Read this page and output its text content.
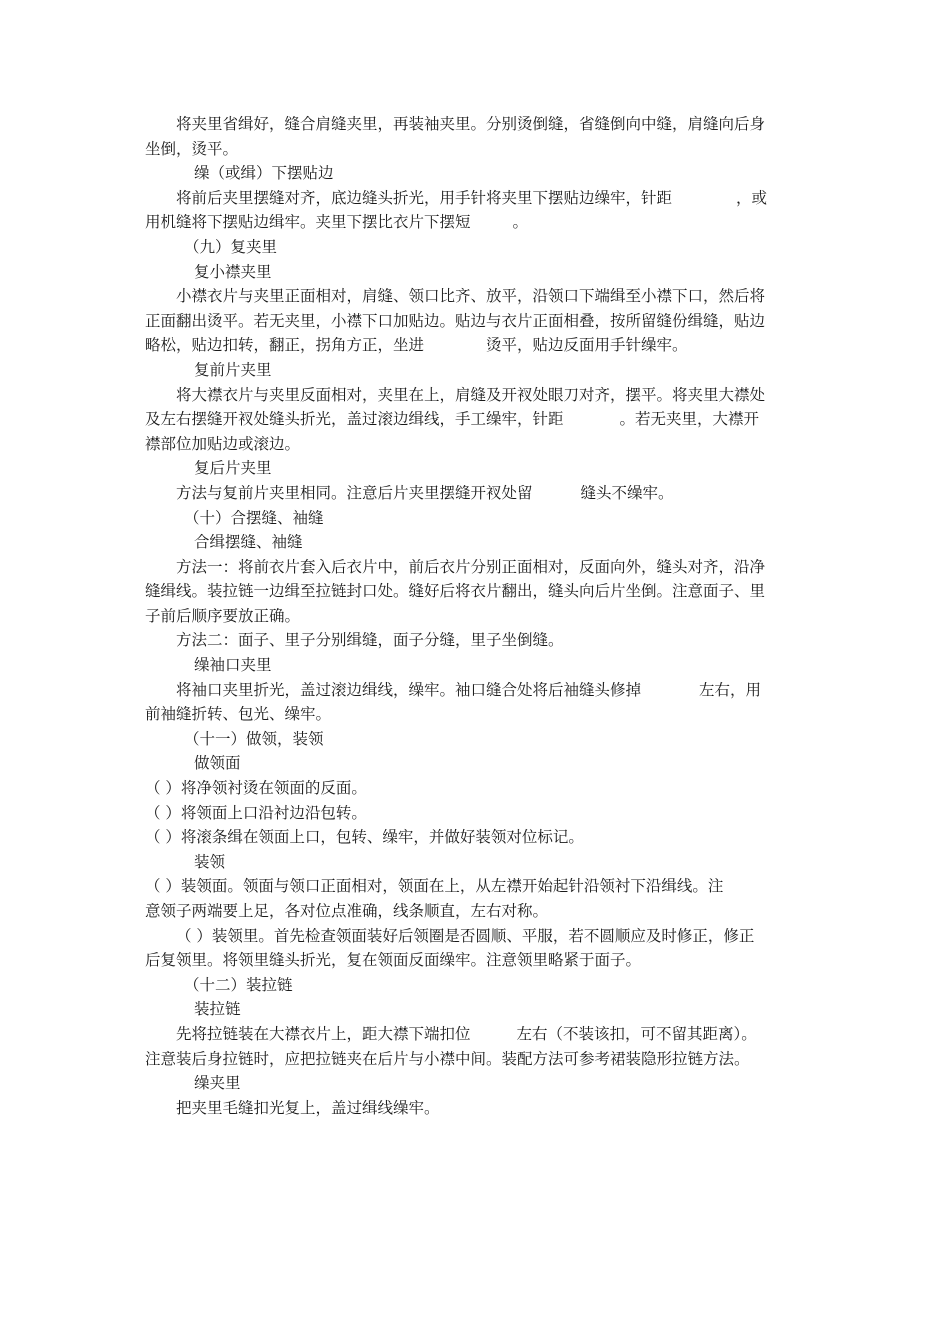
将夹里省缉好，缝合肩缝夹里，再装袖夹里。分别烫倒缝，省缝倒向中缝，肩缝向后身
坐倒，烫平。

缲（或缉）下摆贴边

将前后夹里摆缝对齐，底边缝头折光，用手针将夹里下摆贴边缲牢，针距	，或
用机缝将下摆贴边缉牢。夹里下摆比衣片下摆短	。

（九）复夹里

复小襟夹里

小襟衣片与夹里正面相对，肩缝、领口比齐、放平，沿领口下端缉至小襟下口，然后将
正面翻出烫平。若无夹里，小襟下口加贴边。贴边与衣片正面相叠，按所留缝份缉缝，贴边
略松，贴边扣转，翻正，拐角方正，坐进	烫平，贴边反面用手针缲牢。

复前片夹里

将大襟衣片与夹里反面相对，夹里在上，肩缝及开衩处眼刀对齐，摆平。将夹里大襟处
及左右摆缝开衩处缝头折光，盖过滚边缉线，手工缲牢，针距	。若无夹里，大襟开
襟部位加贴边或滚边。

复后片夹里

方法与复前片夹里相同。注意后片夹里摆缝开衩处留	缝头不缲牢。

（十）合摆缝、袖缝

合缉摆缝、袖缝

方法一：将前衣片套入后衣片中，前后衣片分别正面相对，反面向外，缝头对齐，沿净
缝缉线。装拉链一边缉至拉链封口处。缝好后将衣片翻出，缝头向后片坐倒。注意面子、里
子前后顺序要放正确。

方法二：面子、里子分别缉缝，面子分缝，里子坐倒缝。

缲袖口夹里

将袖口夹里折光，盖过滚边缉线，缲牢。袖口缝合处将后袖缝头修掉	左右，用
前袖缝折转、包光、缲牢。

（十一）做领，装领

做领面

（ ）将净领衬烫在领面的反面。

（ ）将领面上口沿衬边沿包转。

（ ）将滚条缉在领面上口，包转、缲牢，并做好装领对位标记。

装领

（ ）装领面。领面与领口正面相对，领面在上，从左襟开始起针沿领衬下沿缉线。注
意领子两端要上足，各对位点准确，线条顺直，左右对称。

（ ）装领里。首先检查领面装好后领圈是否圆顺、平服，若不圆顺应及时修正，修正
后复领里。将领里缝头折光，复在领面反面缲牢。注意领里略紧于面子。

（十二）装拉链

装拉链

先将拉链装在大襟衣片上，距大襟下端扣位	左右（不装该扣，可不留其距离）。
注意装后身拉链时，应把拉链夹在后片与小襟中间。装配方法可参考裙装隐形拉链方法。

缲夹里

把夹里毛缝扣光复上，盖过缉线缲牢。
